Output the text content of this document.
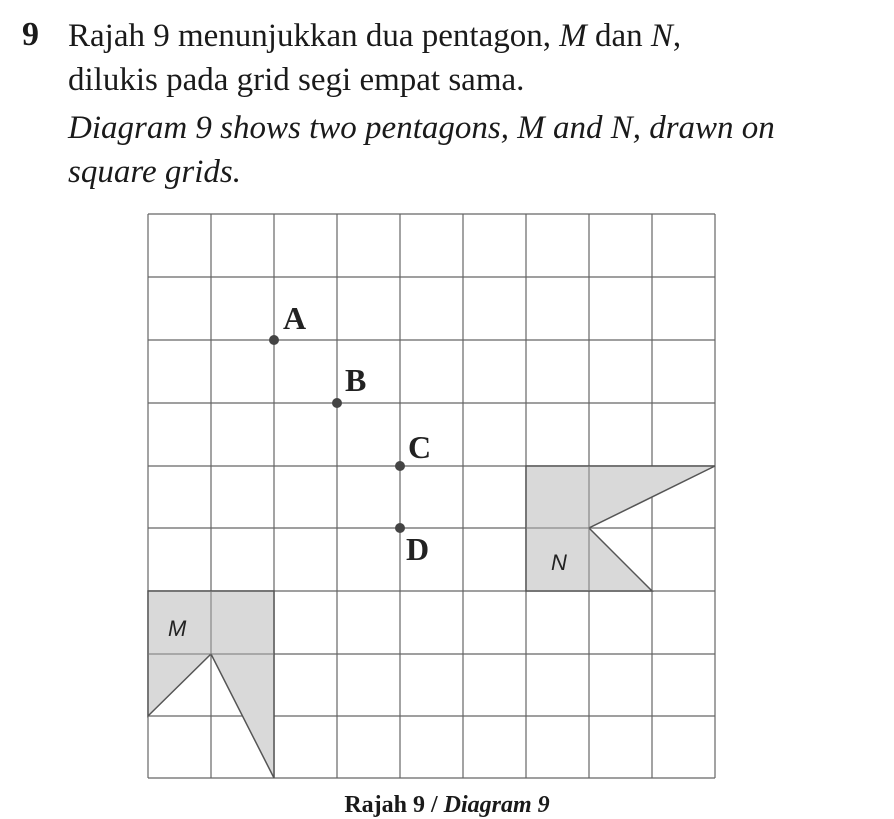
9 Rajah 9 menunjukkan dua pentagon, M dan N,
dilukis pada grid segi empat sama.
Diagram 9 shows two pentagons, M and N, drawn on
square grids.
A
B
C
D
M
N
Rajah 9 / Diagram 9
